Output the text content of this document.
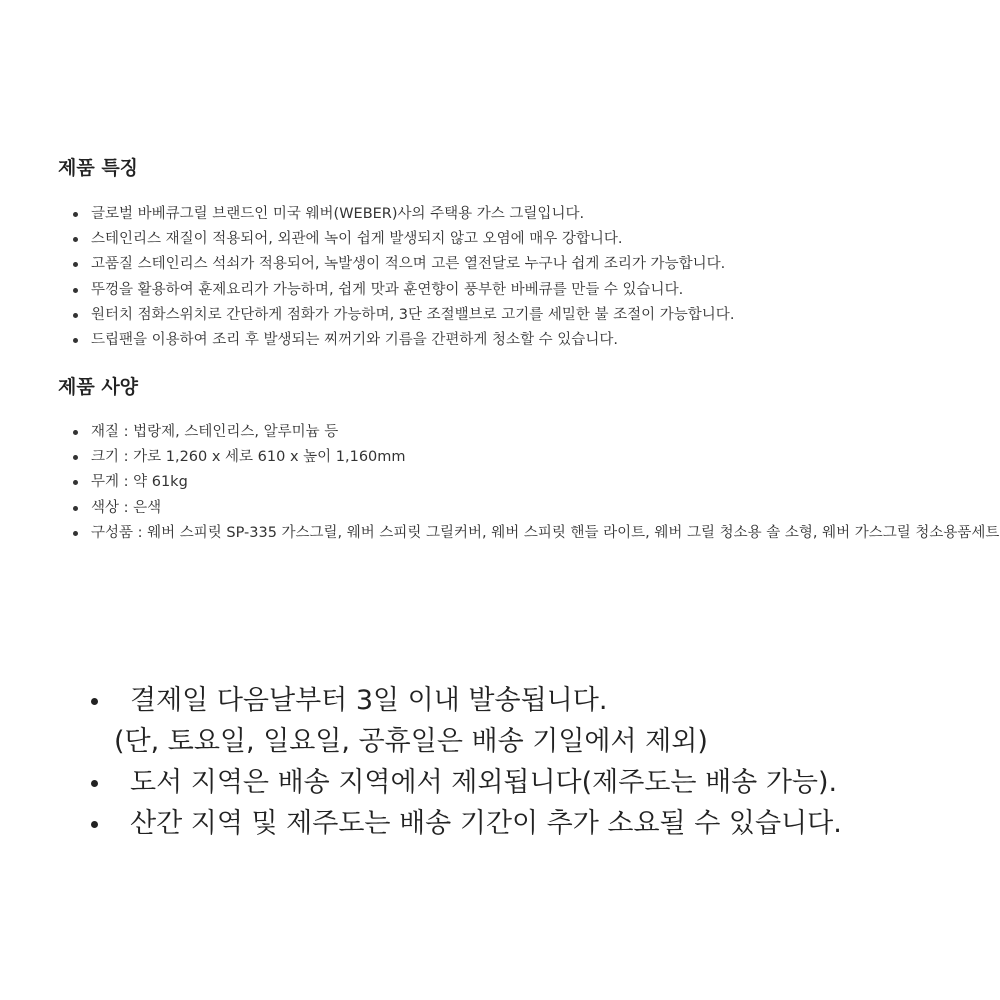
제품 특징
글로벌 바베큐그릴 브랜드인 미국 웨버(WEBER)사의 주택용 가스 그릴입니다.
스테인리스 재질이 적용되어, 외관에 녹이 쉽게 발생되지 않고 오염에 매우 강합니다.
고품질 스테인리스 석쇠가 적용되어, 녹발생이 적으며 고른 열전달로 누구나 쉽게 조리가 가능합니다.
뚜껑을 활용하여 훈제요리가 가능하며, 쉽게 맛과 훈연향이 풍부한 바베큐를 만들 수 있습니다.
원터치 점화스위치로 간단하게 점화가 가능하며, 3단 조절밸브로 고기를 세밀한 불 조절이 가능합니다.
드립팬을 이용하여 조리 후 발생되는 찌꺼기와 기름을 간편하게 청소할 수 있습니다.
제품 사양
재질 : 법랑제, 스테인리스, 알루미늄 등
크기 : 가로 1,260 x 세로 610 x 높이 1,160mm
무게 : 약 61kg
색상 : 은색
구성품 : 웨버 스피릿 SP-335 가스그릴, 웨버 스피릿 그릴커버, 웨버 스피릿 핸들 라이트, 웨버 그릴 청소용 솔 소형, 웨버 가스그릴 청소용품세트
결제일 다음날부터 3일 이내 발송됩니다.
(단, 토요일, 일요일, 공휴일은 배송 기일에서 제외)
도서 지역은 배송 지역에서 제외됩니다(제주도는 배송 가능).
산간 지역 및 제주도는 배송 기간이 추가 소요될 수 있습니다.
